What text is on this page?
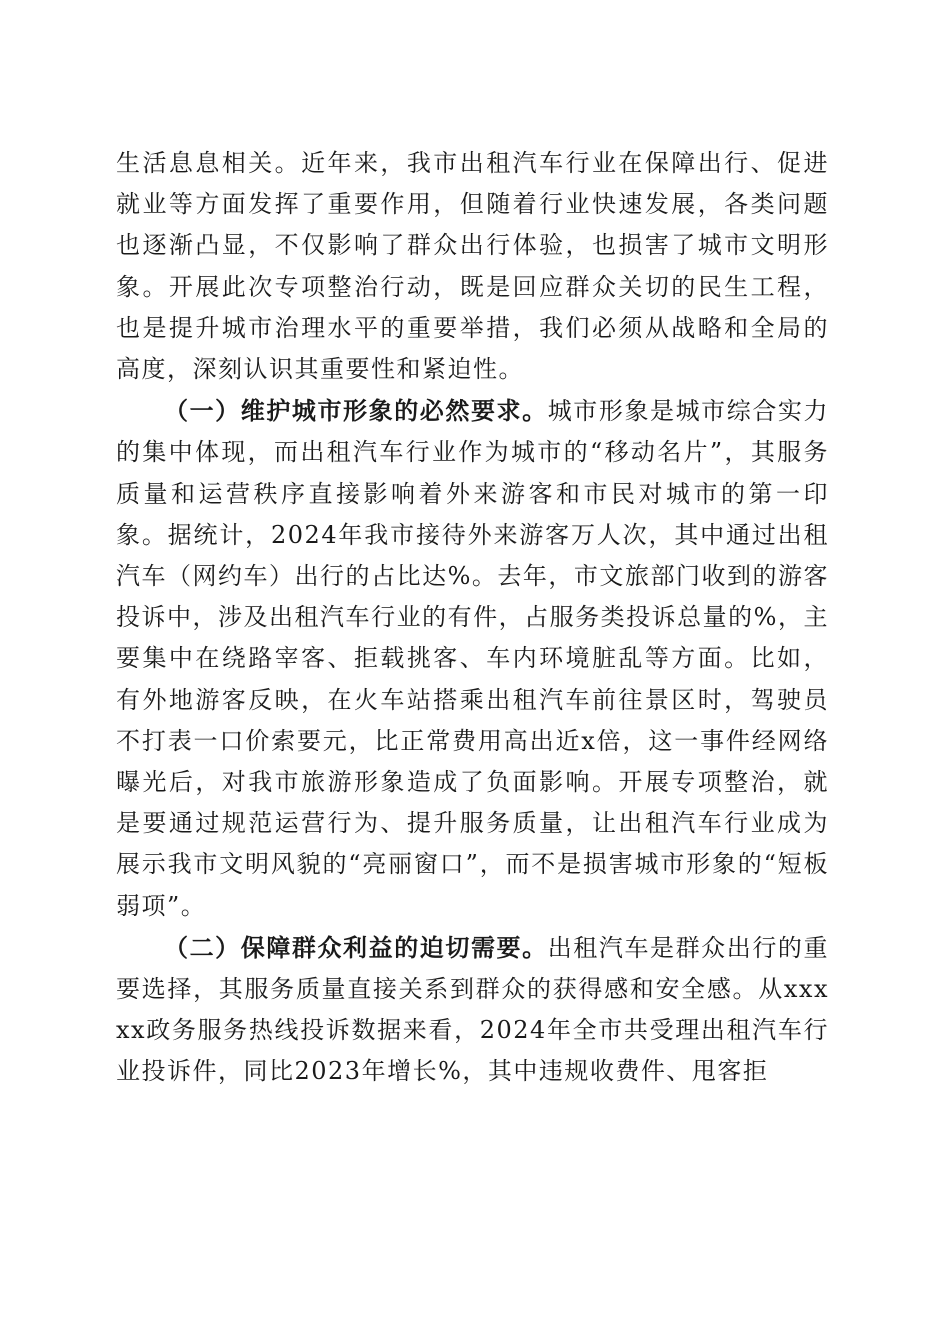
生活息息相关。近年来，我市出租汽车行业在保障出行、促进就业等方面发挥了重要作用，但随着行业快速发展，各类问题也逐渐凸显，不仅影响了群众出行体验，也损害了城市文明形象。开展此次专项整治行动，既是回应群众关切的民生工程，也是提升城市治理水平的重要举措，我们必须从战略和全局的高度，深刻认识其重要性和紧迫性。

（一）维护城市形象的必然要求。城市形象是城市综合实力的集中体现，而出租汽车行业作为城市的“移动名片”，其服务质量和运营秩序直接影响着外来游客和市民对城市的第一印象。据统计，2024年我市接待外来游客万人次，其中通过出租汽车（网约车）出行的占比达%。去年，市文旅部门收到的游客投诉中，涉及出租汽车行业的有件，占服务类投诉总量的%，主要集中在绕路宰客、拒载挑客、车内环境脏乱等方面。比如，有外地游客反映，在火车站搭乘出租汽车前往景区时，驾驶员不打表一口价索要元，比正常费用高出近x倍，这一事件经网络曝光后，对我市旅游形象造成了负面影响。开展专项整治，就是要通过规范运营行为、提升服务质量，让出租汽车行业成为展示我市文明风貌的“亮丽窗口”，而不是损害城市形象的“短板弱项”。

（二）保障群众利益的迫切需要。出租汽车是群众出行的重要选择，其服务质量直接关系到群众的获得感和安全感。从xxxxx政务服务热线投诉数据来看，2024年全市共受理出租汽车行业投诉件，同比2023年增长%，其中违规收费件、甩客拒
